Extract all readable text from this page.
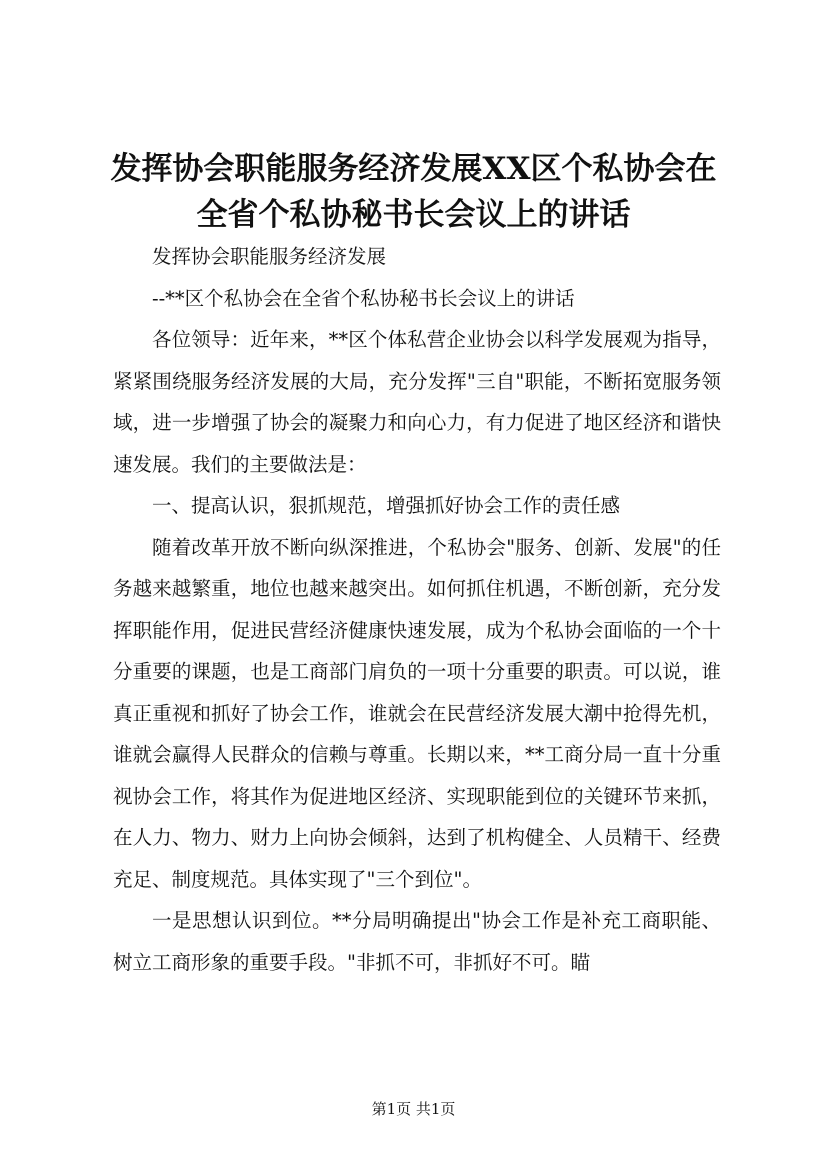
发挥协会职能服务经济发展XX区个私协会在全省个私协秘书长会议上的讲话

发挥协会职能服务经济发展

--**区个私协会在全省个私协秘书长会议上的讲话

各位领导：近年来，**区个体私营企业协会以科学发展观为指导，紧紧围绕服务经济发展的大局，充分发挥"三自"职能，不断拓宽服务领域，进一步增强了协会的凝聚力和向心力，有力促进了地区经济和谐快速发展。我们的主要做法是：

一、提高认识，狠抓规范，增强抓好协会工作的责任感

随着改革开放不断向纵深推进，个私协会"服务、创新、发展"的任务越来越繁重，地位也越来越突出。如何抓住机遇，不断创新，充分发挥职能作用，促进民营经济健康快速发展，成为个私协会面临的一个十分重要的课题，也是工商部门肩负的一项十分重要的职责。可以说，谁真正重视和抓好了协会工作，谁就会在民营经济发展大潮中抢得先机，谁就会赢得人民群众的信赖与尊重。长期以来，**工商分局一直十分重视协会工作，将其作为促进地区经济、实现职能到位的关键环节来抓，在人力、物力、财力上向协会倾斜，达到了机构健全、人员精干、经费充足、制度规范。具体实现了"三个到位"。

一是思想认识到位。**分局明确提出"协会工作是补充工商职能、树立工商形象的重要手段。"非抓不可，非抓好不可。瞄

第1页 共1页
